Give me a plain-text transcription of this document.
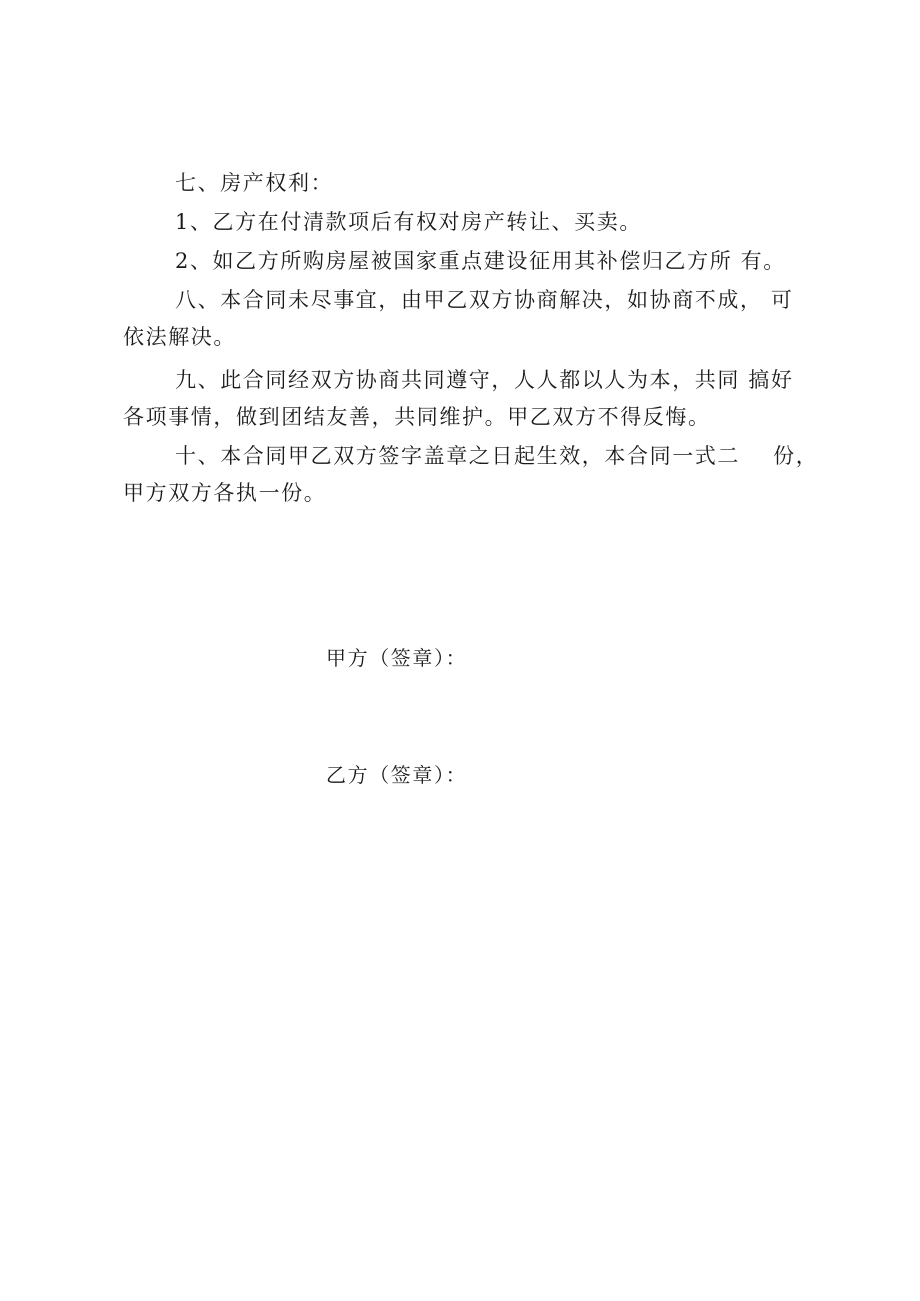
七、房产权利：

1、乙方在付清款项后有权对房产转让、买卖。

2、如乙方所购房屋被国家重点建设征用其补偿归乙方所 有。

八、本合同未尽事宜，由甲乙双方协商解决，如协商不成， 可
依法解决。

九、此合同经双方协商共同遵守，人人都以人为本，共同 搞好
各项事情，做到团结友善，共同维护。甲乙双方不得反悔。

十、本合同甲乙双方签字盖章之日起生效，本合同一式二    份，
甲方双方各执一份。

甲方（签章）：
乙方（签章）：
